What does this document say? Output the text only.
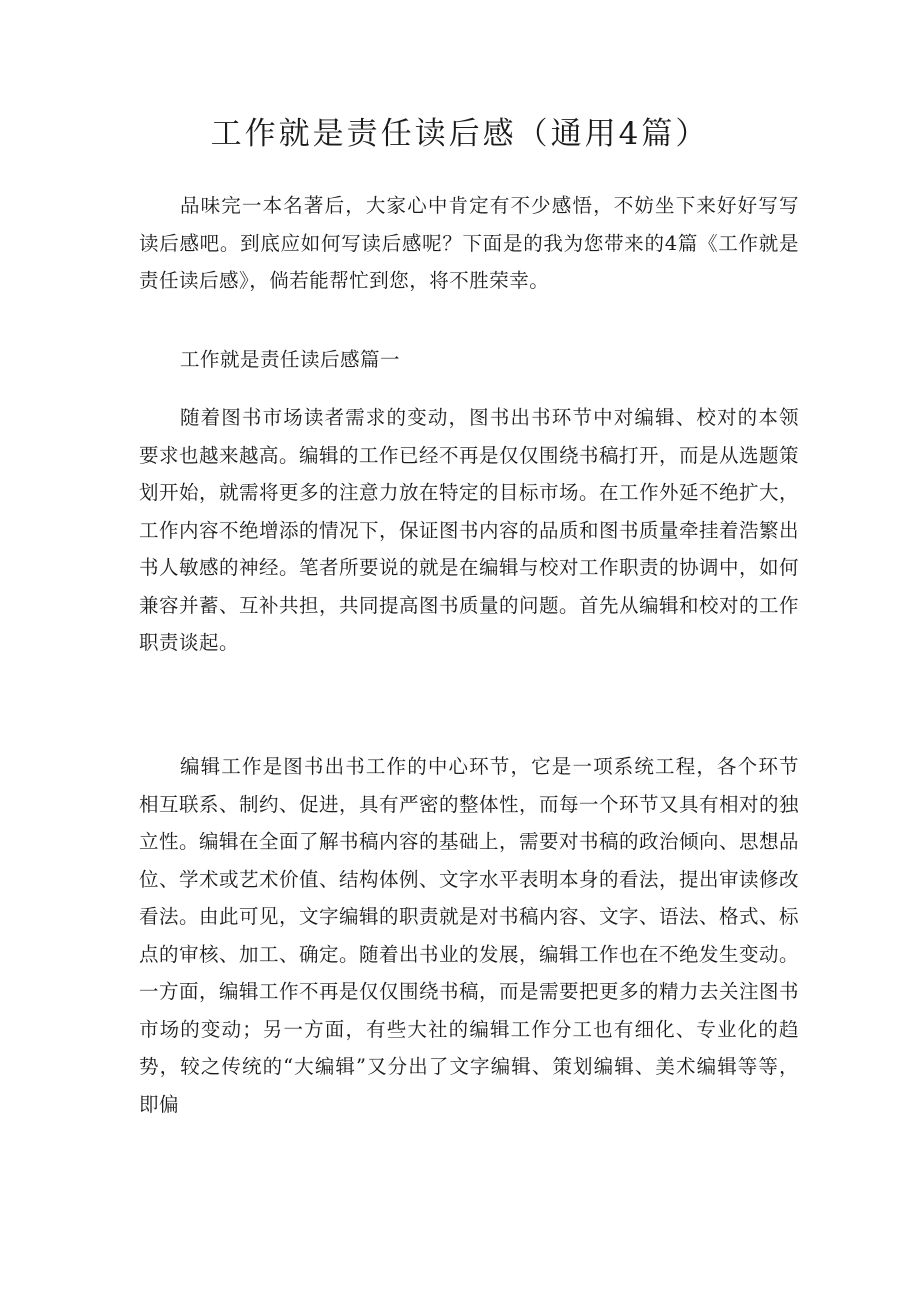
工作就是责任读后感（通用4篇）

品味完一本名著后，大家心中肯定有不少感悟，不妨坐下来好好写写读后感吧。到底应如何写读后感呢？下面是的我为您带来的4篇《工作就是责任读后感》，倘若能帮忙到您，将不胜荣幸。

工作就是责任读后感篇一

随着图书市场读者需求的变动，图书出书环节中对编辑、校对的本领要求也越来越高。编辑的工作已经不再是仅仅围绕书稿打开，而是从选题策划开始，就需将更多的注意力放在特定的目标市场。在工作外延不绝扩大，工作内容不绝增添的情况下，保证图书内容的品质和图书质量牵挂着浩繁出书人敏感的神经。笔者所要说的就是在编辑与校对工作职责的协调中，如何兼容并蓄、互补共担，共同提高图书质量的问题。首先从编辑和校对的工作职责谈起。

编辑工作是图书出书工作的中心环节，它是一项系统工程，各个环节相互联系、制约、促进，具有严密的整体性，而每一个环节又具有相对的独立性。编辑在全面了解书稿内容的基础上，需要对书稿的政治倾向、思想品位、学术或艺术价值、结构体例、文字水平表明本身的看法，提出审读修改看法。由此可见，文字编辑的职责就是对书稿内容、文字、语法、格式、标点的审核、加工、确定。随着出书业的发展，编辑工作也在不绝发生变动。一方面，编辑工作不再是仅仅围绕书稿，而是需要把更多的精力去关注图书市场的变动；另一方面，有些大社的编辑工作分工也有细化、专业化的趋势，较之传统的“大编辑”又分出了文字编辑、策划编辑、美术编辑等等，即偏
